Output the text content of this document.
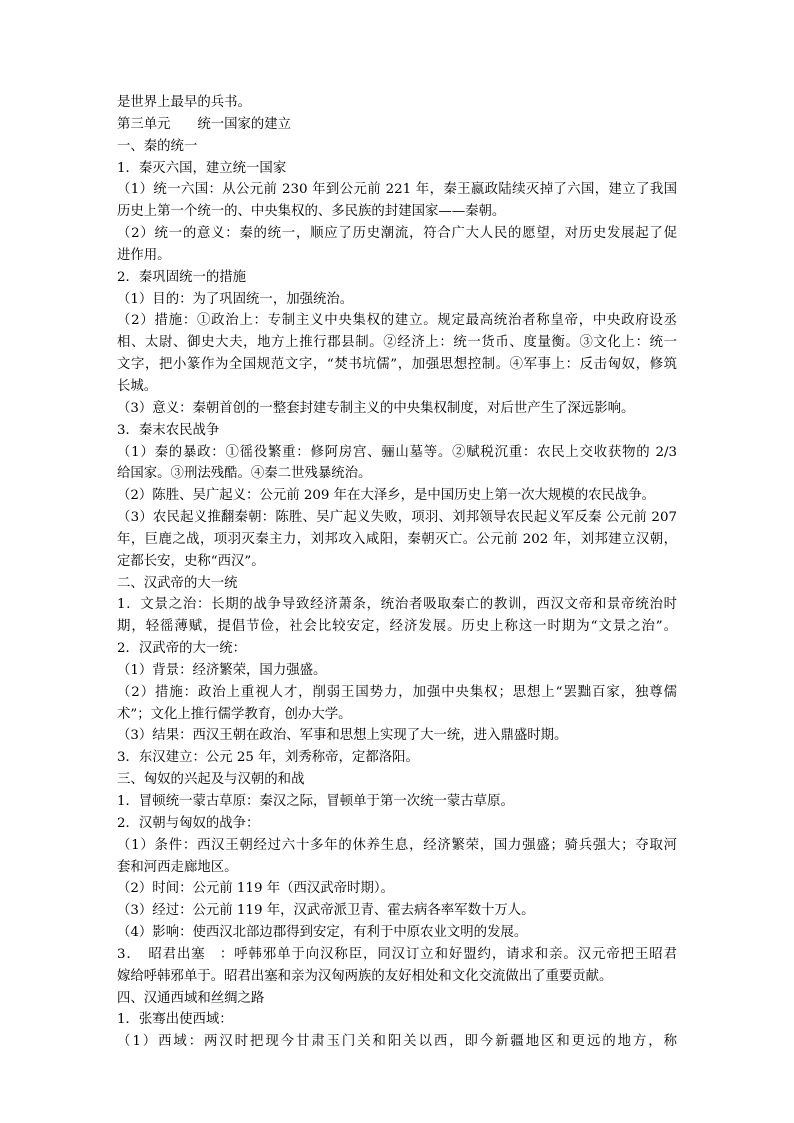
是世界上最早的兵书。
第三单元　　统一国家的建立
一、秦的统一
1．秦灭六国，建立统一国家
（1）统一六国：从公元前 230 年到公元前 221 年，秦王嬴政陆续灭掉了六国，建立了我国
历史上第一个统一的、中央集权的、多民族的封建国家——秦朝。
（2）统一的意义：秦的统一，顺应了历史潮流，符合广大人民的愿望，对历史发展起了促
进作用。
2．秦巩固统一的措施
（1）目的：为了巩固统一，加强统治。
（2）措施：①政治上：专制主义中央集权的建立。规定最高统治者称皇帝，中央政府设丞
相、太尉、御史大夫，地方上推行郡县制。②经济上：统一货币、度量衡。③文化上：统一
文字，把小篆作为全国规范文字，“焚书坑儒”，加强思想控制。④军事上：反击匈奴，修筑
长城。
（3）意义：秦朝首创的一整套封建专制主义的中央集权制度，对后世产生了深远影响。
3．秦末农民战争
（1）秦的暴政：①徭役繁重：修阿房宫、骊山墓等。②赋税沉重：农民上交收获物的 2/3
给国家。③刑法残酷。④秦二世残暴统治。
（2）陈胜、吴广起义：公元前 209 年在大泽乡，是中国历史上第一次大规模的农民战争。
（3）农民起义推翻秦朝：陈胜、吴广起义失败，项羽、刘邦领导农民起义军反秦 公元前 207
年，巨鹿之战，项羽灭秦主力，刘邦攻入咸阳，秦朝灭亡。公元前 202 年，刘邦建立汉朝，
定都长安，史称“西汉”。
二、汉武帝的大一统
1．文景之治：长期的战争导致经济萧条，统治者吸取秦亡的教训，西汉文帝和景帝统治时
期，轻徭薄赋，提倡节俭，社会比较安定，经济发展。历史上称这一时期为“文景之治”。
2．汉武帝的大一统：
（1）背景：经济繁荣，国力强盛。
（2）措施：政治上重视人才，削弱王国势力，加强中央集权；思想上“罢黜百家，独尊儒
术”；文化上推行儒学教育，创办大学。
（3）结果：西汉王朝在政治、军事和思想上实现了大一统，进入鼎盛时期。
3．东汉建立：公元 25 年，刘秀称帝，定都洛阳。
三、匈奴的兴起及与汉朝的和战
1．冒顿统一蒙古草原：秦汉之际，冒顿单于第一次统一蒙古草原。
2．汉朝与匈奴的战争：
（1）条件：西汉王朝经过六十多年的休养生息，经济繁荣，国力强盛；骑兵强大；夺取河
套和河西走廊地区。
（2）时间：公元前 119 年（西汉武帝时期）。
（3）经过：公元前 119 年，汉武帝派卫青、霍去病各率军数十万人。
（4）影响：使西汉北部边郡得到安定，有利于中原农业文明的发展。
3．　昭君出塞　：呼韩邪单于向汉称臣，同汉订立和好盟约，请求和亲。汉元帝把王昭君
嫁给呼韩邪单于。昭君出塞和亲为汉匈两族的友好相处和文化交流做出了重要贡献。
四、汉通西域和丝绸之路
1．张骞出使西域：
（1）西域：两汉时把现今甘肃玉门关和阳关以西，即今新疆地区和更远的地方，称
